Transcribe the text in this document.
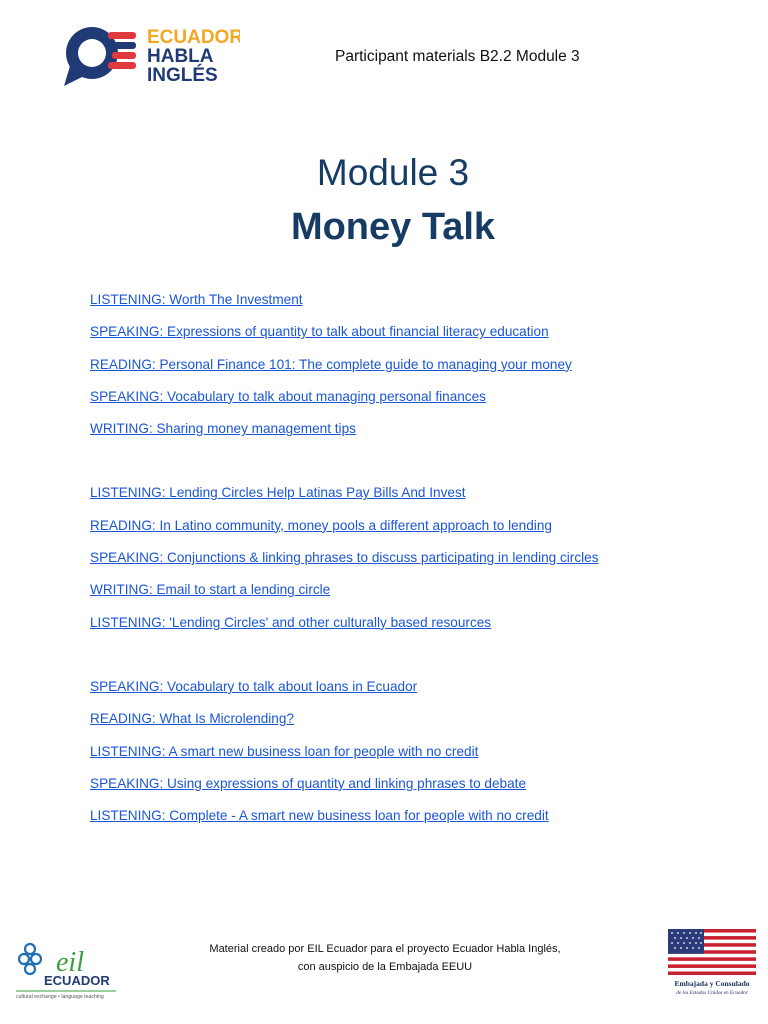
ECUADOR
HABLA
INGLÉS
Participant materials B2.2 Module 3
Module 3
Money Talk
LISTENING: Worth The Investment
SPEAKING: Expressions of quantity to talk about financial literacy education
READING: Personal Finance 101: The complete guide to managing your money
SPEAKING: Vocabulary to talk about managing personal finances
WRITING: Sharing money management tips
LISTENING: Lending Circles Help Latinas Pay Bills And Invest
READING: In Latino community, money pools a different approach to lending
SPEAKING: Conjunctions & linking phrases to discuss participating in lending circles
WRITING: Email to start a lending circle
LISTENING: 'Lending Circles' and other culturally based resources
SPEAKING: Vocabulary to talk about loans in Ecuador
READING: What Is Microlending?
LISTENING: A smart new business loan for people with no credit
SPEAKING: Using expressions of quantity and linking phrases to debate
LISTENING: Complete - A smart new business loan for people with no credit
eil
ECUADOR
cultural exchange • language teaching
Material creado por EIL Ecuador para el proyecto Ecuador Habla Inglés,
con auspicio de la Embajada EEUU
Embajada y Consulado
de los Estados Unidos en Ecuador
